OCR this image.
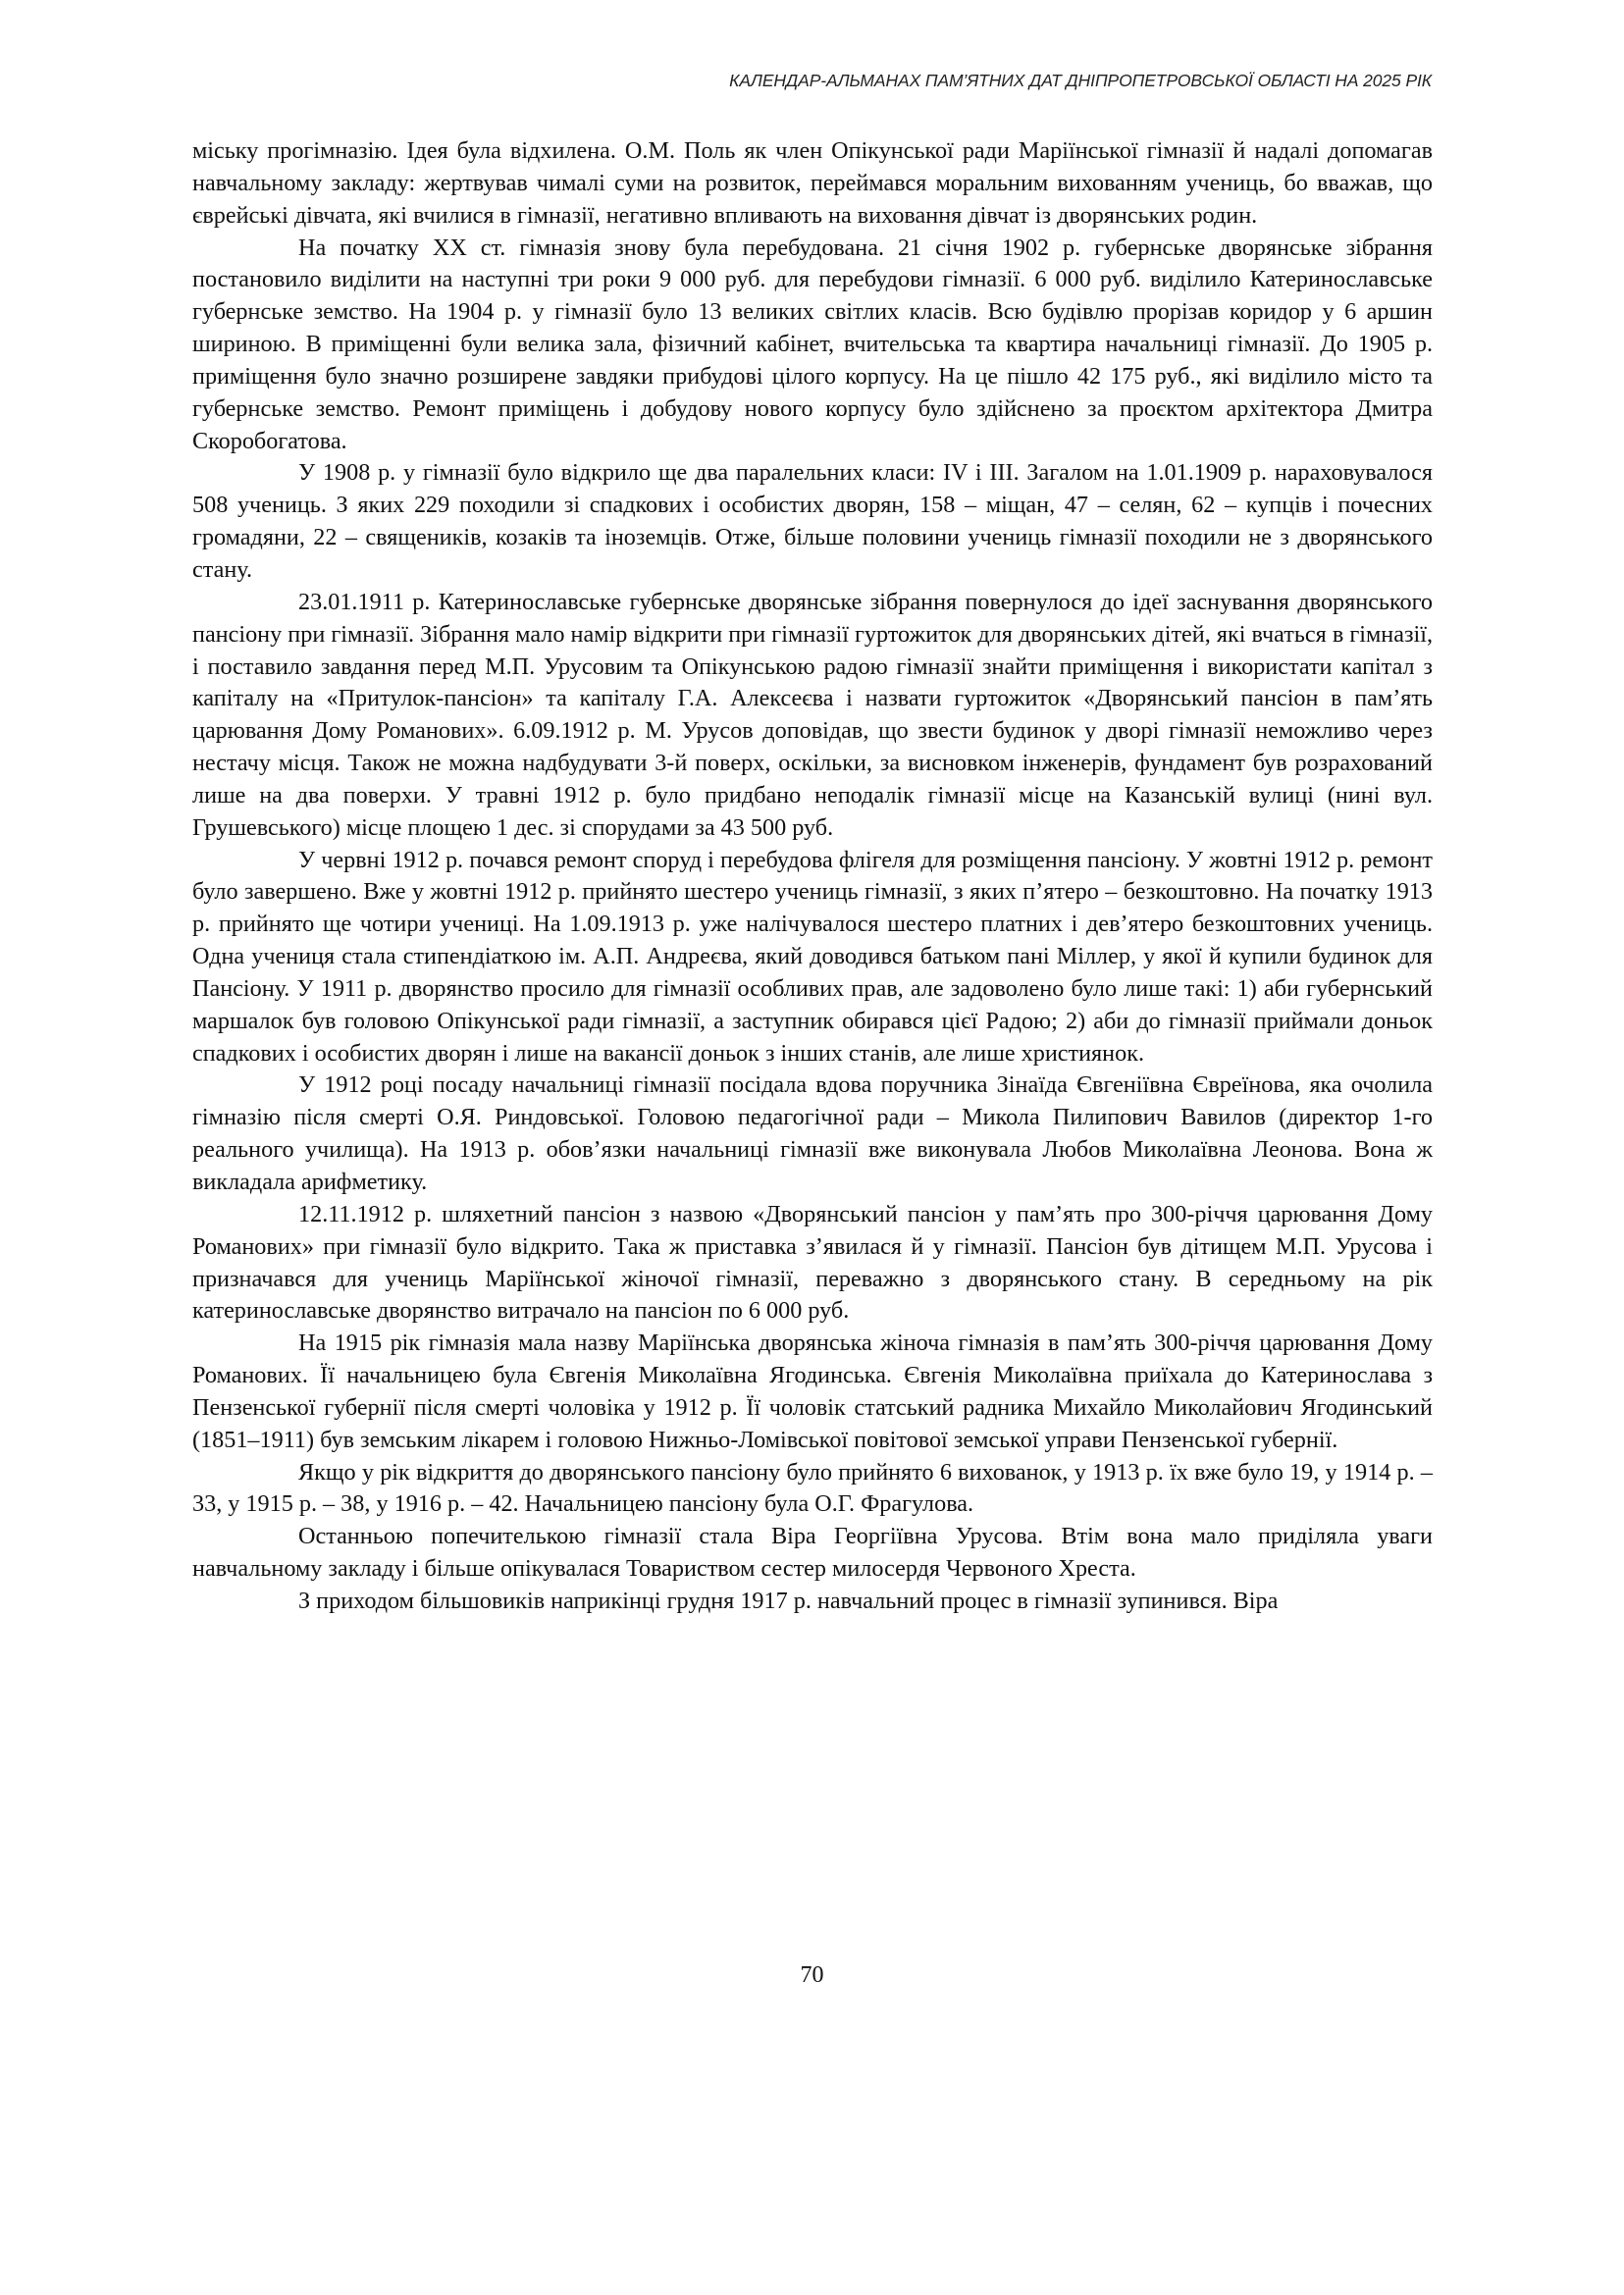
КАЛЕНДАР-АЛЬМАНАХ ПАМ’ЯТНИХ ДАТ ДНІПРОПЕТРОВСЬКОЇ ОБЛАСТІ НА 2025 РІК

міську прогімназію. Ідея була відхилена. О.М. Поль як член Опікунської ради Маріїнської гімназії й надалі допомагав навчальному закладу: жертвував чималі суми на розвиток, переймався моральним вихованням учениць, бо вважав, що єврейські дівчата, які вчилися в гімназії, негативно впливають на виховання дівчат із дворянських родин.

На початку XX ст. гімназія знову була перебудована. 21 січня 1902 р. губернське дворянське зібрання постановило виділити на наступні три роки 9 000 руб. для перебудови гімназії. 6 000 руб. виділило Катеринославське губернське земство. На 1904 р. у гімназії було 13 великих світлих класів. Всю будівлю прорізав коридор у 6 аршин шириною. В приміщенні були велика зала, фізичний кабінет, вчительська та квартира начальниці гімназії. До 1905 р. приміщення було значно розширене завдяки прибудові цілого корпусу. На це пішло 42 175 руб., які виділило місто та губернське земство. Ремонт приміщень і добудову нового корпусу було здійснено за проєктом архітектора Дмитра Скоробогатова.

У 1908 р. у гімназії було відкрило ще два паралельних класи: IV і III. Загалом на 1.01.1909 р. нараховувалося 508 учениць. З яких 229 походили зі спадкових і особистих дворян, 158 – міщан, 47 – селян, 62 – купців і почесних громадяни, 22 – священиків, козаків та іноземців. Отже, більше половини учениць гімназії походили не з дворянського стану.

23.01.1911 р. Катеринославське губернське дворянське зібрання повернулося до ідеї заснування дворянського пансіону при гімназії. Зібрання мало намір відкрити при гімназії гуртожиток для дворянських дітей, які вчаться в гімназії, і поставило завдання перед М.П. Урусовим та Опікунською радою гімназії знайти приміщення і використати капітал з капіталу на «Притулок-пансіон» та капіталу Г.А. Алексеєва і назвати гуртожиток «Дворянський пансіон в пам’ять царювання Дому Романових». 6.09.1912 р. М. Урусов доповідав, що звести будинок у дворі гімназії неможливо через нестачу місця. Також не можна надбудувати 3-й поверх, оскільки, за висновком інженерів, фундамент був розрахований лише на два поверхи. У травні 1912 р. було придбано неподалік гімназії місце на Казанській вулиці (нині вул. Грушевського) місце площею 1 дес. зі спорудами за 43 500 руб.

У червні 1912 р. почався ремонт споруд і перебудова флігеля для розміщення пансіону. У жовтні 1912 р. ремонт було завершено. Вже у жовтні 1912 р. прийнято шестеро учениць гімназії, з яких п’ятеро – безкоштовно. На початку 1913 р. прийнято ще чотири учениці. На 1.09.1913 р. уже налічувалося шестеро платних і дев’ятеро безкоштовних учениць. Одна учениця стала стипендіаткою ім. А.П. Андреєва, який доводився батьком пані Міллер, у якої й купили будинок для Пансіону. У 1911 р. дворянство просило для гімназії особливих прав, але задоволено було лише такі: 1) аби губернський маршалок був головою Опікунської ради гімназії, а заступник обирався цієї Радою; 2) аби до гімназії приймали доньок спадкових і особистих дворян і лише на вакансії доньок з інших станів, але лише християнок.

У 1912 році посаду начальниці гімназії посідала вдова поручника Зінаїда Євгеніївна Євреїнова, яка очолила гімназію після смерті О.Я. Риндовської. Головою педагогічної ради – Микола Пилипович Вавилов (директор 1-го реального училища). На 1913 р. обов’язки начальниці гімназії вже виконувала Любов Миколаївна Леонова. Вона ж викладала арифметику.

12.11.1912 р. шляхетний пансіон з назвою «Дворянський пансіон у пам’ять про 300-річчя царювання Дому Романових» при гімназії було відкрито. Така ж приставка з’явилася й у гімназії. Пансіон був дітищем М.П. Урусова і призначався для учениць Маріїнської жіночої гімназії, переважно з дворянського стану. В середньому на рік катеринославське дворянство витрачало на пансіон по 6 000 руб.

На 1915 рік гімназія мала назву Маріїнська дворянська жіноча гімназія в пам’ять 300-річчя царювання Дому Романових. Її начальницею була Євгенія Миколаївна Ягодинська. Євгенія Миколаївна приїхала до Катеринослава з Пензенської губернії після смерті чоловіка у 1912 р. Її чоловік статський радника Михайло Миколайович Ягодинський (1851–1911) був земським лікарем і головою Нижньо-Ломівської повітової земської управи Пензенської губернії.

Якщо у рік відкриття до дворянського пансіону було прийнято 6 вихованок, у 1913 р. їх вже було 19, у 1914 р. – 33, у 1915 р. – 38, у 1916 р. – 42. Начальницею пансіону була О.Г. Фрагулова.

Останньою попечителькою гімназії стала Віра Георгіївна Урусова. Втім вона мало приділяла уваги навчальному закладу і більше опікувалася Товариством сестер милосердя Червоного Хреста.

З приходом більшовиків наприкінці грудня 1917 р. навчальний процес в гімназії зупинився. Віра

70
